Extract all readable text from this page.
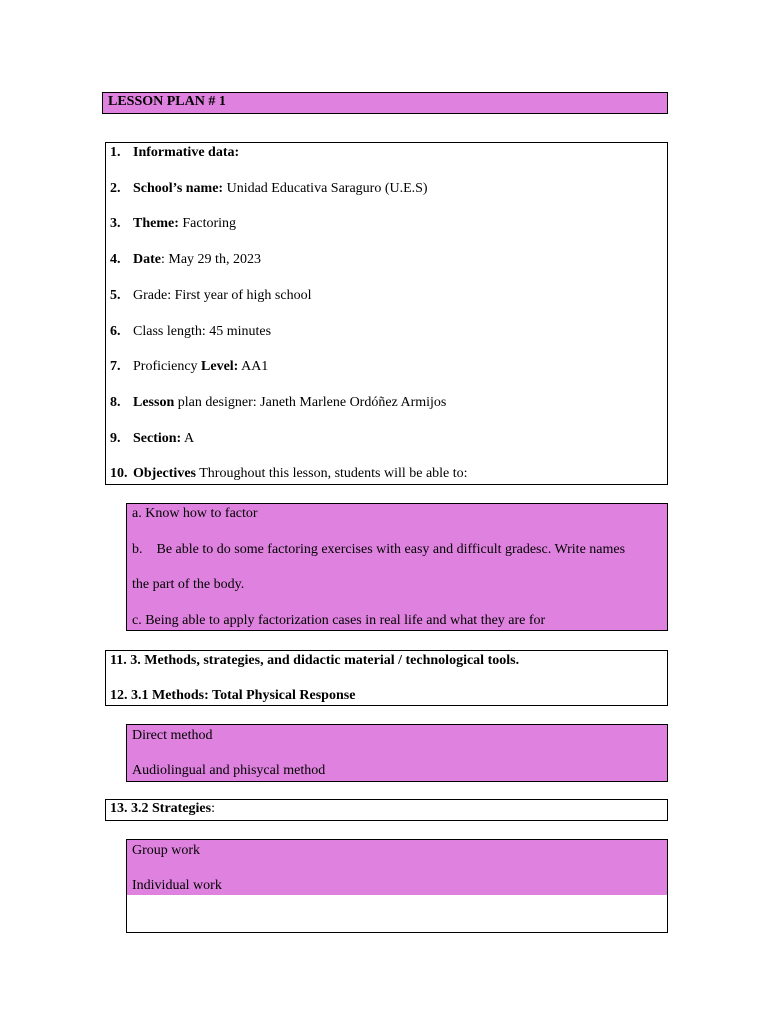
LESSON PLAN # 1
1. Informative data:
2. School’s name: Unidad Educativa Saraguro (U.E.S)
3. Theme: Factoring
4. Date: May 29 th, 2023
5. Grade: First year of high school
6. Class length: 45 minutes
7. Proficiency Level: AA1
8. Lesson plan designer: Janeth Marlene Ordóñez Armijos
9. Section: A
10. Objectives Throughout this lesson, students will be able to:
a. Know how to factor
b.    Be able to do some factoring exercises with easy and difficult gradesc. Write names
the part of the body.
c. Being able to apply factorization cases in real life and what they are for
11. 3. Methods, strategies, and didactic material / technological tools.
12. 3.1 Methods: Total Physical Response
Direct method
Audiolingual and phisycal method
13. 3.2 Strategies:
Group work
Individual work
